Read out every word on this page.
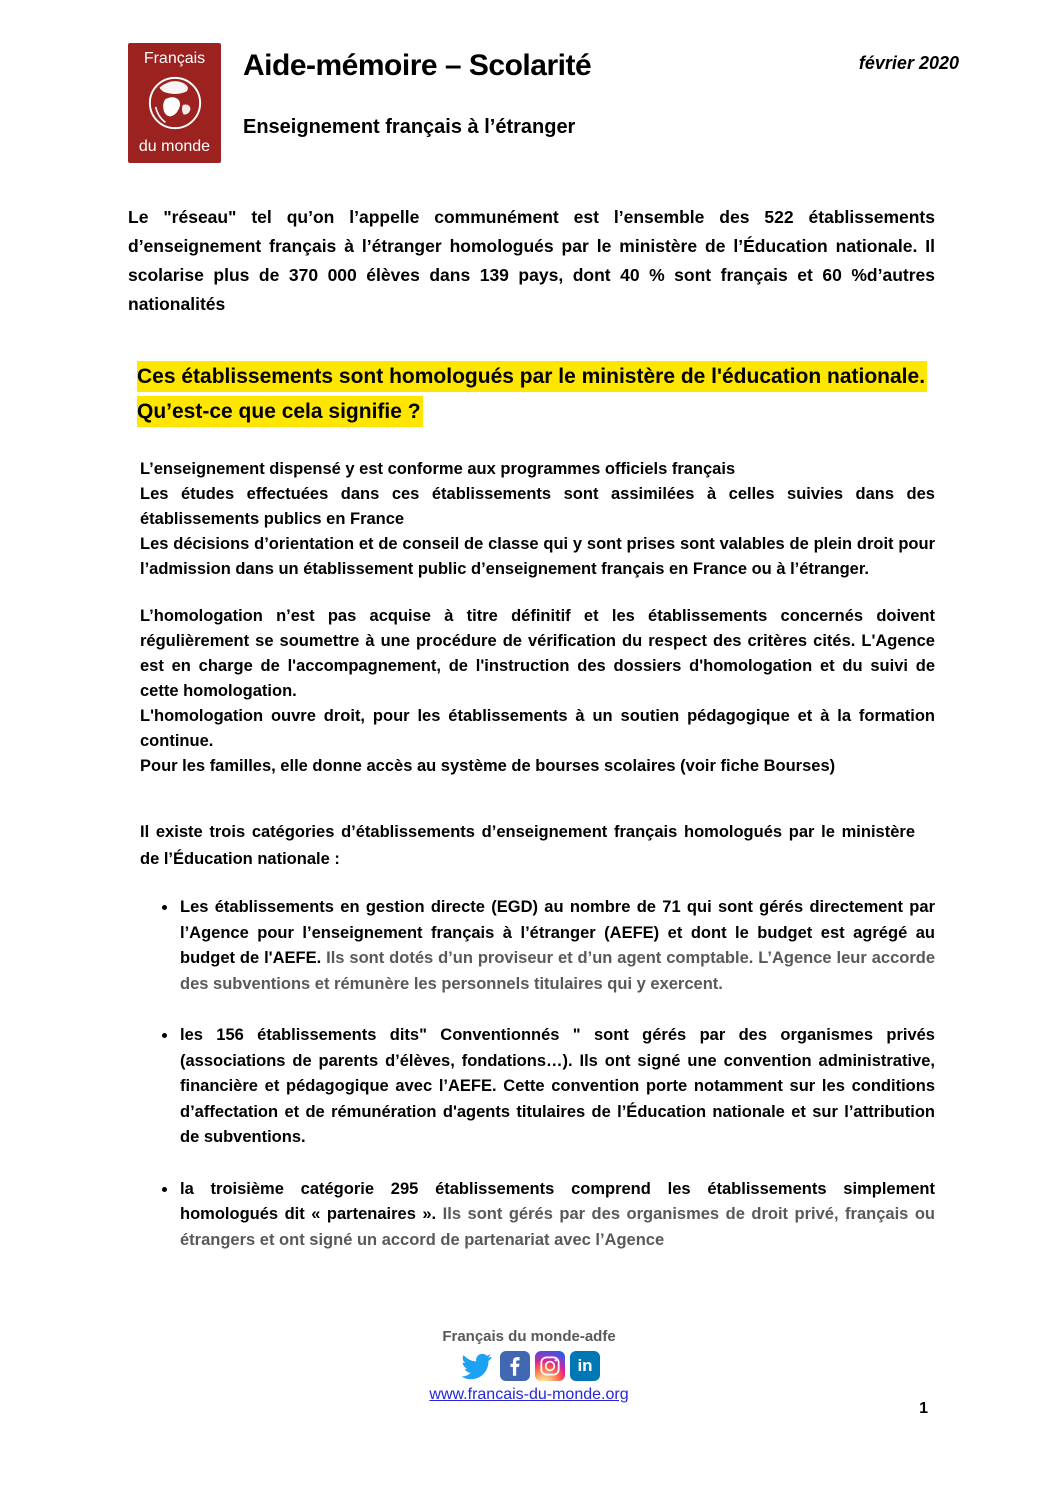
Français
du monde
Aide-mémoire – Scolarité	février 2020
Enseignement français à l’étranger

Le "réseau" tel qu’on l’appelle communément est l’ensemble des 522 établissements d’enseignement français à l’étranger homologués par le ministère de l’Éducation nationale. Il scolarise plus de 370 000 élèves dans 139 pays, dont 40 % sont français et 60 %d’autres nationalités

Ces établissements sont homologués par le ministère de l'éducation nationale.

Qu’est-ce que cela signifie ?

L’enseignement dispensé y est conforme aux programmes officiels français

Les études effectuées dans ces établissements sont assimilées à celles suivies dans des établissements publics en France

Les décisions d’orientation et de conseil de classe qui y sont prises sont valables de plein droit pour l’admission dans un établissement public d’enseignement français en France ou à l’étranger.

L’homologation n’est pas acquise à titre définitif et les établissements concernés doivent régulièrement se soumettre à une procédure de vérification du respect des critères cités. L'Agence est en charge de l'accompagnement, de l'instruction des dossiers d'homologation et du suivi de cette homologation.

L'homologation ouvre droit, pour les établissements à un soutien pédagogique et à la formation continue.

Pour les familles, elle donne accès au système de bourses scolaires (voir fiche Bourses)

Il existe trois catégories d’établissements d’enseignement français homologués par le ministère de l’Éducation nationale :

• Les établissements en gestion directe (EGD) au nombre de 71 qui sont gérés directement par l’Agence pour l’enseignement français à l’étranger (AEFE) et dont le budget est agrégé au budget de l'AEFE. Ils sont dotés d’un proviseur et d’un agent comptable. L’Agence leur accorde des subventions et rémunère les personnels titulaires qui y exercent.
• les 156 établissements dits" Conventionnés " sont gérés par des organismes privés (associations de parents d’élèves, fondations…). Ils ont signé une convention administrative, financière et pédagogique avec l’AEFE. Cette convention porte notamment sur les conditions d’affectation et de rémunération d'agents titulaires de l’Éducation nationale et sur l’attribution de subventions.
• la troisième catégorie 295 établissements comprend les établissements simplement homologués dit « partenaires ». Ils sont gérés par des organismes de droit privé, français ou étrangers et ont signé un accord de partenariat avec l’Agence
Français du monde-adfe
in
www.francais-du-monde.org
1
